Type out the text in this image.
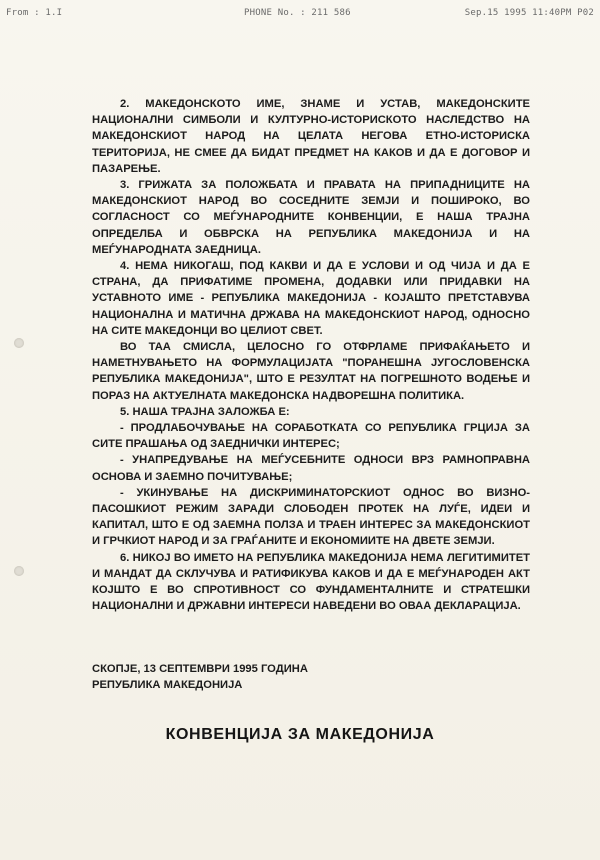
From : 1.I	PHONE No. : 211 586	Sep.15 1995 11:40PM P02

2. МАКЕДОНСКОТО ИМЕ, ЗНАМЕ И УСТАВ, МАКЕДОНСКИТЕ НАЦИОНАЛНИ СИМБОЛИ И КУЛТУРНО-ИСТОРИСКОТО НАСЛЕДСТВО НА МАКЕДОНСКИОТ НАРОД НА ЦЕЛАТА НЕГОВА ЕТНО-ИСТОРИСКА ТЕРИТОРИЈА, НЕ СМЕЕ ДА БИДАТ ПРЕДМЕТ НА КАКОВ И ДА Е ДОГОВОР И ПАЗАРЕЊЕ.

3. ГРИЖАТА ЗА ПОЛОЖБАТА И ПРАВАТА НА ПРИПАДНИЦИТЕ НА МАКЕДОНСКИОТ НАРОД ВО СОСЕДНИТЕ ЗЕМЈИ И ПОШИРОКО, ВО СОГЛАСНОСТ СО МЕЃУНАРОДНИТЕ КОНВЕНЦИИ, Е НАША ТРАЈНА ОПРЕДЕЛБА И ОБВРСКА НА РЕПУБЛИКА МАКЕДОНИЈА И НА МЕЃУНАРОДНАТА ЗАЕДНИЦА.

4. НЕМА НИКОГАШ, ПОД КАКВИ И ДА Е УСЛОВИ И ОД ЧИЈА И ДА Е СТРАНА, ДА ПРИФАТИМЕ ПРОМЕНА, ДОДАВКИ ИЛИ ПРИДАВКИ НА УСТАВНОТО ИМЕ - РЕПУБЛИКА МАКЕДОНИЈА - КОЈАШТО ПРЕТСТАВУВА НАЦИОНАЛНА И МАТИЧНА ДРЖАВА НА МАКЕДОНСКИОТ НАРОД, ОДНОСНО НА СИТЕ МАКЕДОНЦИ ВО ЦЕЛИОТ СВЕТ.

ВО ТАА СМИСЛА, ЦЕЛОСНО ГО ОТФРЛАМЕ ПРИФАЌАЊЕТО И НАМЕТНУВАЊЕТО НА ФОРМУЛАЦИЈАТА "ПОРАНЕШНА ЈУГОСЛОВЕНСКА РЕПУБЛИКА МАКЕДОНИЈА", ШТО Е РЕЗУЛТАТ НА ПОГРЕШНОТО ВОДЕЊЕ И ПОРАЗ НА АКТУЕЛНАТА МАКЕДОНСКА НАДВОРЕШНА ПОЛИТИКА.

5. НАША ТРАЈНА ЗАЛОЖБА Е:

- ПРОДЛАБОЧУВАЊЕ НА СОРАБОТКАТА СО РЕПУБЛИКА ГРЦИЈА ЗА СИТЕ ПРАШАЊА ОД ЗАЕДНИЧКИ ИНТЕРЕС;

- УНАПРЕДУВАЊЕ НА МЕЃУСЕБНИТЕ ОДНОСИ ВРЗ РАМНОПРАВНА ОСНОВА И ЗАЕМНО ПОЧИТУВАЊЕ;

- УКИНУВАЊЕ НА ДИСКРИМИНАТОРСКИОТ ОДНОС ВО ВИЗНО-ПАСОШКИОТ РЕЖИМ ЗАРАДИ СЛОБОДЕН ПРОТЕК НА ЛУЃЕ, ИДЕИ И КАПИТАЛ, ШТО Е ОД ЗАЕМНА ПОЛЗА И ТРАЕН ИНТЕРЕС ЗА МАКЕДОНСКИОТ И ГРЧКИОТ НАРОД И ЗА ГРАЃАНИТЕ И ЕКОНОМИИТЕ НА ДВЕТЕ ЗЕМЈИ.

6. НИКОЈ ВО ИМЕТО НА РЕПУБЛИКА МАКЕДОНИЈА НЕМА ЛЕГИТИМИТЕТ И МАНДАТ ДА СКЛУЧУВА И РАТИФИКУВА КАКОВ И ДА Е МЕЃУНАРОДЕН АКТ КОЈШТО Е ВО СПРОТИВНОСТ СО ФУНДАМЕНТАЛНИТЕ И СТРАТЕШКИ НАЦИОНАЛНИ И ДРЖАВНИ ИНТЕРЕСИ НАВЕДЕНИ ВО ОВАА ДЕКЛАРАЦИЈА.

СКОПЈЕ, 13 СЕПТЕМВРИ 1995 ГОДИНА
РЕПУБЛИКА МАКЕДОНИЈА
КОНВЕНЦИЈА ЗА МАКЕДОНИЈА
